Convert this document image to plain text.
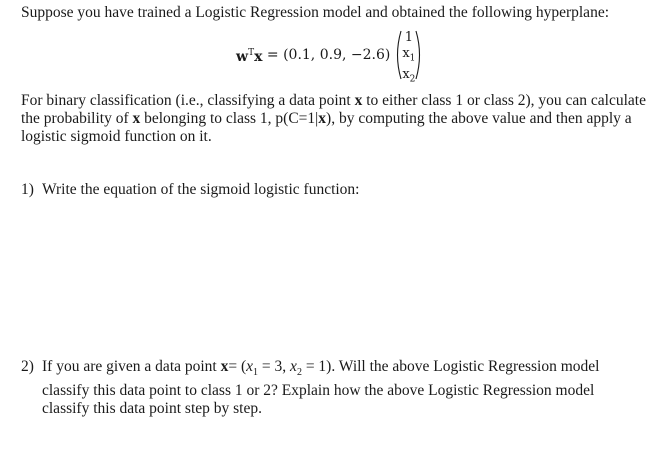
Suppose you have trained a Logistic Regression model and obtained the following hyperplane:
$w^Tx = (0.1$, 0.9, −2.6)
1
$x_1$
$x_2$
For binary classification (i.e., classifying a data point x to either class 1 or class 2), you can calculate the probability of x belonging to class 1, p(C=1|x), by computing the above value and then apply a logistic sigmoid function on it.
1) Write the equation of the sigmoid logistic function:
2) If you are given a data point $x= (x_1 = 3$, $x_2 = 1$). Will the above Logistic Regression model classify this data point to class 1 or 2? Explain how the above Logistic Regression model classify this data point step by step.
